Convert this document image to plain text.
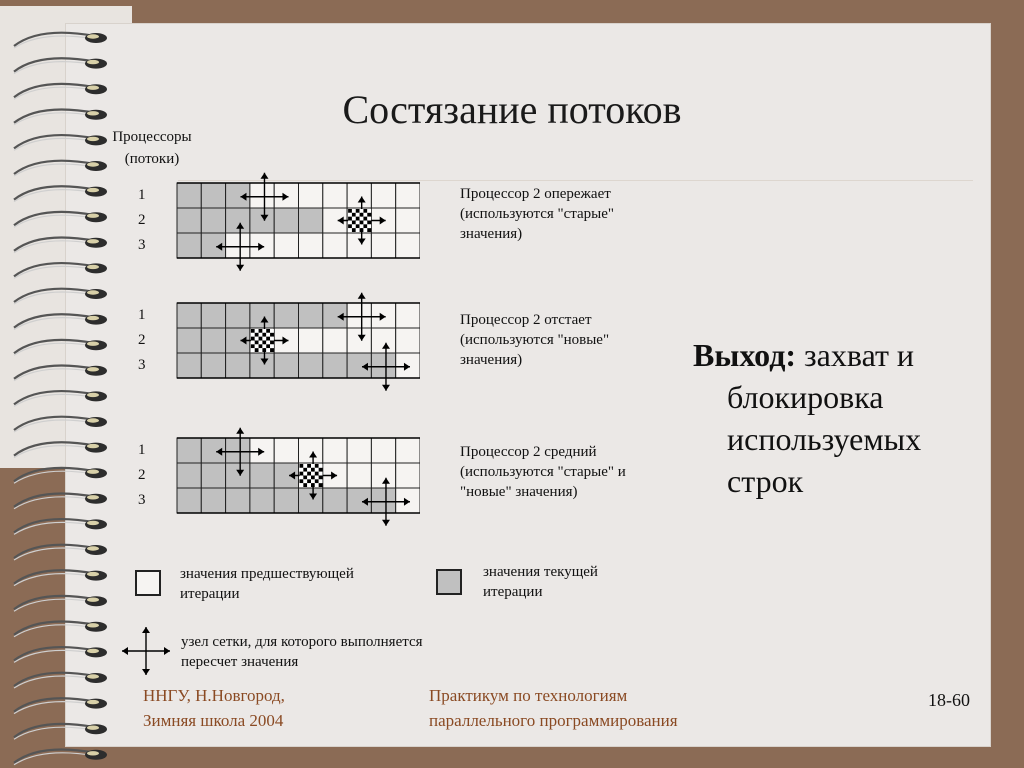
Состязание потоков
Процессоры
(потоки)
1
2
3
Процессор 2 опережает
(используются "старые"
значения)
1
2
3
Процессор 2 отстает
(используются "новые"
значения)
1
2
3
Процессор 2 средний
(используются "старые" и
"новые" значения)
Выход: захват и
блокировка
используемых
строк
значения предшествующей
итерации
значения текущей
итерации
узел сетки, для которого выполняется
пересчет значения
ННГУ, Н.Новгород,
Зимняя школа 2004
Практикум по технологиям
параллельного программирования
18-60
